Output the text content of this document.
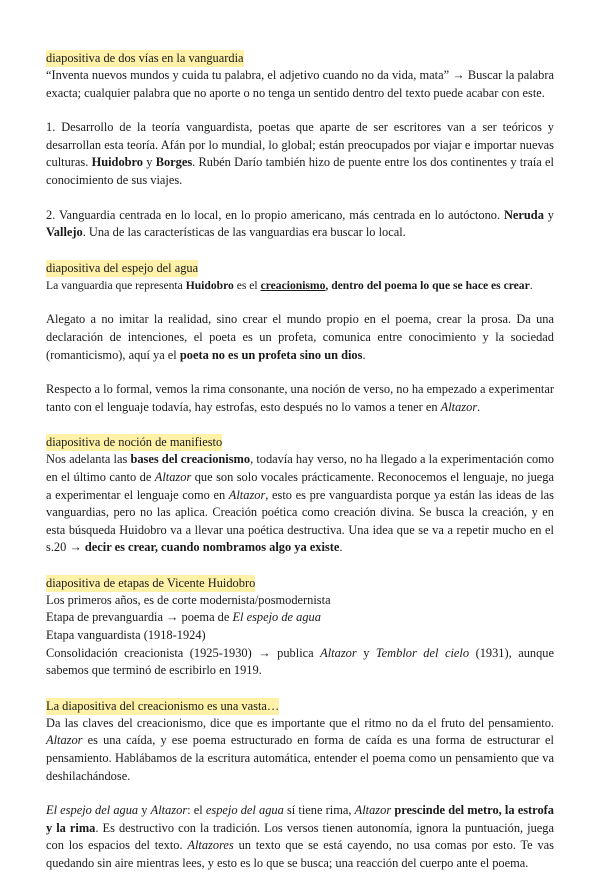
diapositiva de dos vías en la vanguardia

“Inventa nuevos mundos y cuida tu palabra, el adjetivo cuando no da vida, mata” → Buscar la palabra exacta; cualquier palabra que no aporte o no tenga un sentido dentro del texto puede acabar con este.

1. Desarrollo de la teoría vanguardista, poetas que aparte de ser escritores van a ser teóricos y desarrollan esta teoría. Afán por lo mundial, lo global; están preocupados por viajar e importar nuevas culturas. Huidobro y Borges. Rubén Darío también hizo de puente entre los dos continentes y traía el conocimiento de sus viajes.

2. Vanguardia centrada en lo local, en lo propio americano, más centrada en lo autóctono. Neruda y Vallejo. Una de las características de las vanguardias era buscar lo local.

diapositiva del espejo del agua

La vanguardia que representa Huidobro es el creacionismo, dentro del poema lo que se hace es crear.

Alegato a no imitar la realidad, sino crear el mundo propio en el poema, crear la prosa. Da una declaración de intenciones, el poeta es un profeta, comunica entre conocimiento y la sociedad (romanticismo), aquí ya el poeta no es un profeta sino un dios.

Respecto a lo formal, vemos la rima consonante, una noción de verso, no ha empezado a experimentar tanto con el lenguaje todavía, hay estrofas, esto después no lo vamos a tener en Altazor.

diapositiva de noción de manifiesto

Nos adelanta las bases del creacionismo, todavía hay verso, no ha llegado a la experimentación como en el último canto de Altazor que son solo vocales prácticamente. Reconocemos el lenguaje, no juega a experimentar el lenguaje como en Altazor, esto es pre vanguardista porque ya están las ideas de las vanguardias, pero no las aplica. Creación poética como creación divina. Se busca la creación, y en esta búsqueda Huidobro va a llevar una poética destructiva. Una idea que se va a repetir mucho en el s.20 → decir es crear, cuando nombramos algo ya existe.

diapositiva de etapas de Vicente Huidobro
Los primeros años, es de corte modernista/posmodernista
Etapa de prevanguardia → poema de El espejo de agua
Etapa vanguardista (1918-1924)

Consolidación creacionista (1925-1930) → publica Altazor y Temblor del cielo (1931), aunque sabemos que terminó de escribirlo en 1919.

La diapositiva del creacionismo es una vasta…

Da las claves del creacionismo, dice que es importante que el ritmo no da el fruto del pensamiento. Altazor es una caída, y ese poema estructurado en forma de caída es una forma de estructurar el pensamiento. Hablábamos de la escritura automática, entender el poema como un pensamiento que va deshilachándose.

El espejo del agua y Altazor: el espejo del agua sí tiene rima, Altazor prescinde del metro, la estrofa y la rima. Es destructivo con la tradición. Los versos tienen autonomía, ignora la puntuación, juega con los espacios del texto. Altazores un texto que se está cayendo, no usa comas por esto. Te vas quedando sin aire mientras lees, y esto es lo que se busca; una reacción del cuerpo ante el poema.
